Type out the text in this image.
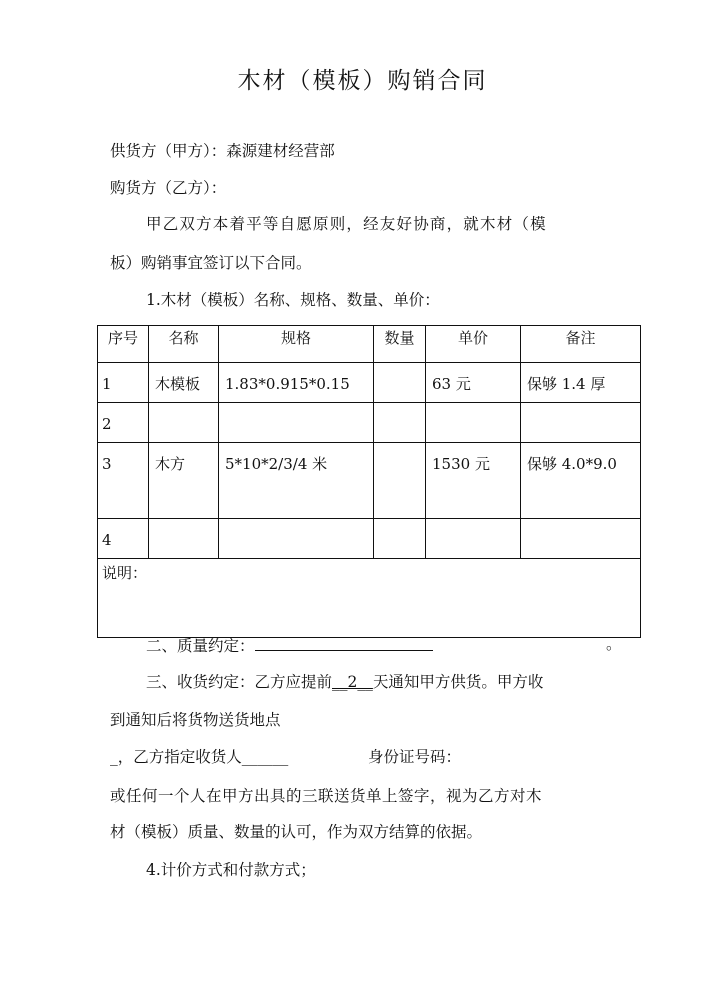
木材（模板）购销合同
供货方（甲方）：森源建材经营部
购货方（乙方）：
甲乙双方本着平等自愿原则，经友好协商，就木材（模
板）购销事宜签订以下合同。
1.木材（模板）名称、规格、数量、单价：
序号	名称	规格	数量	单价	备注
1	木模板	1.83*0.915*0.15		63 元	保够 1.4 厚
2					
3	木方	5*10*2/3/4 米		1530 元	保够 4.0*9.0
4					
说明：					
二、质量约定：	。
三、收货约定：乙方应提前__2__天通知甲方供货。甲方收
到通知后将货物送货地点
_，乙方指定收货人______	身份证号码：
或任何一个人在甲方出具的三联送货单上签字，视为乙方对木
材（模板）质量、数量的认可，作为双方结算的依据。
4.计价方式和付款方式；
